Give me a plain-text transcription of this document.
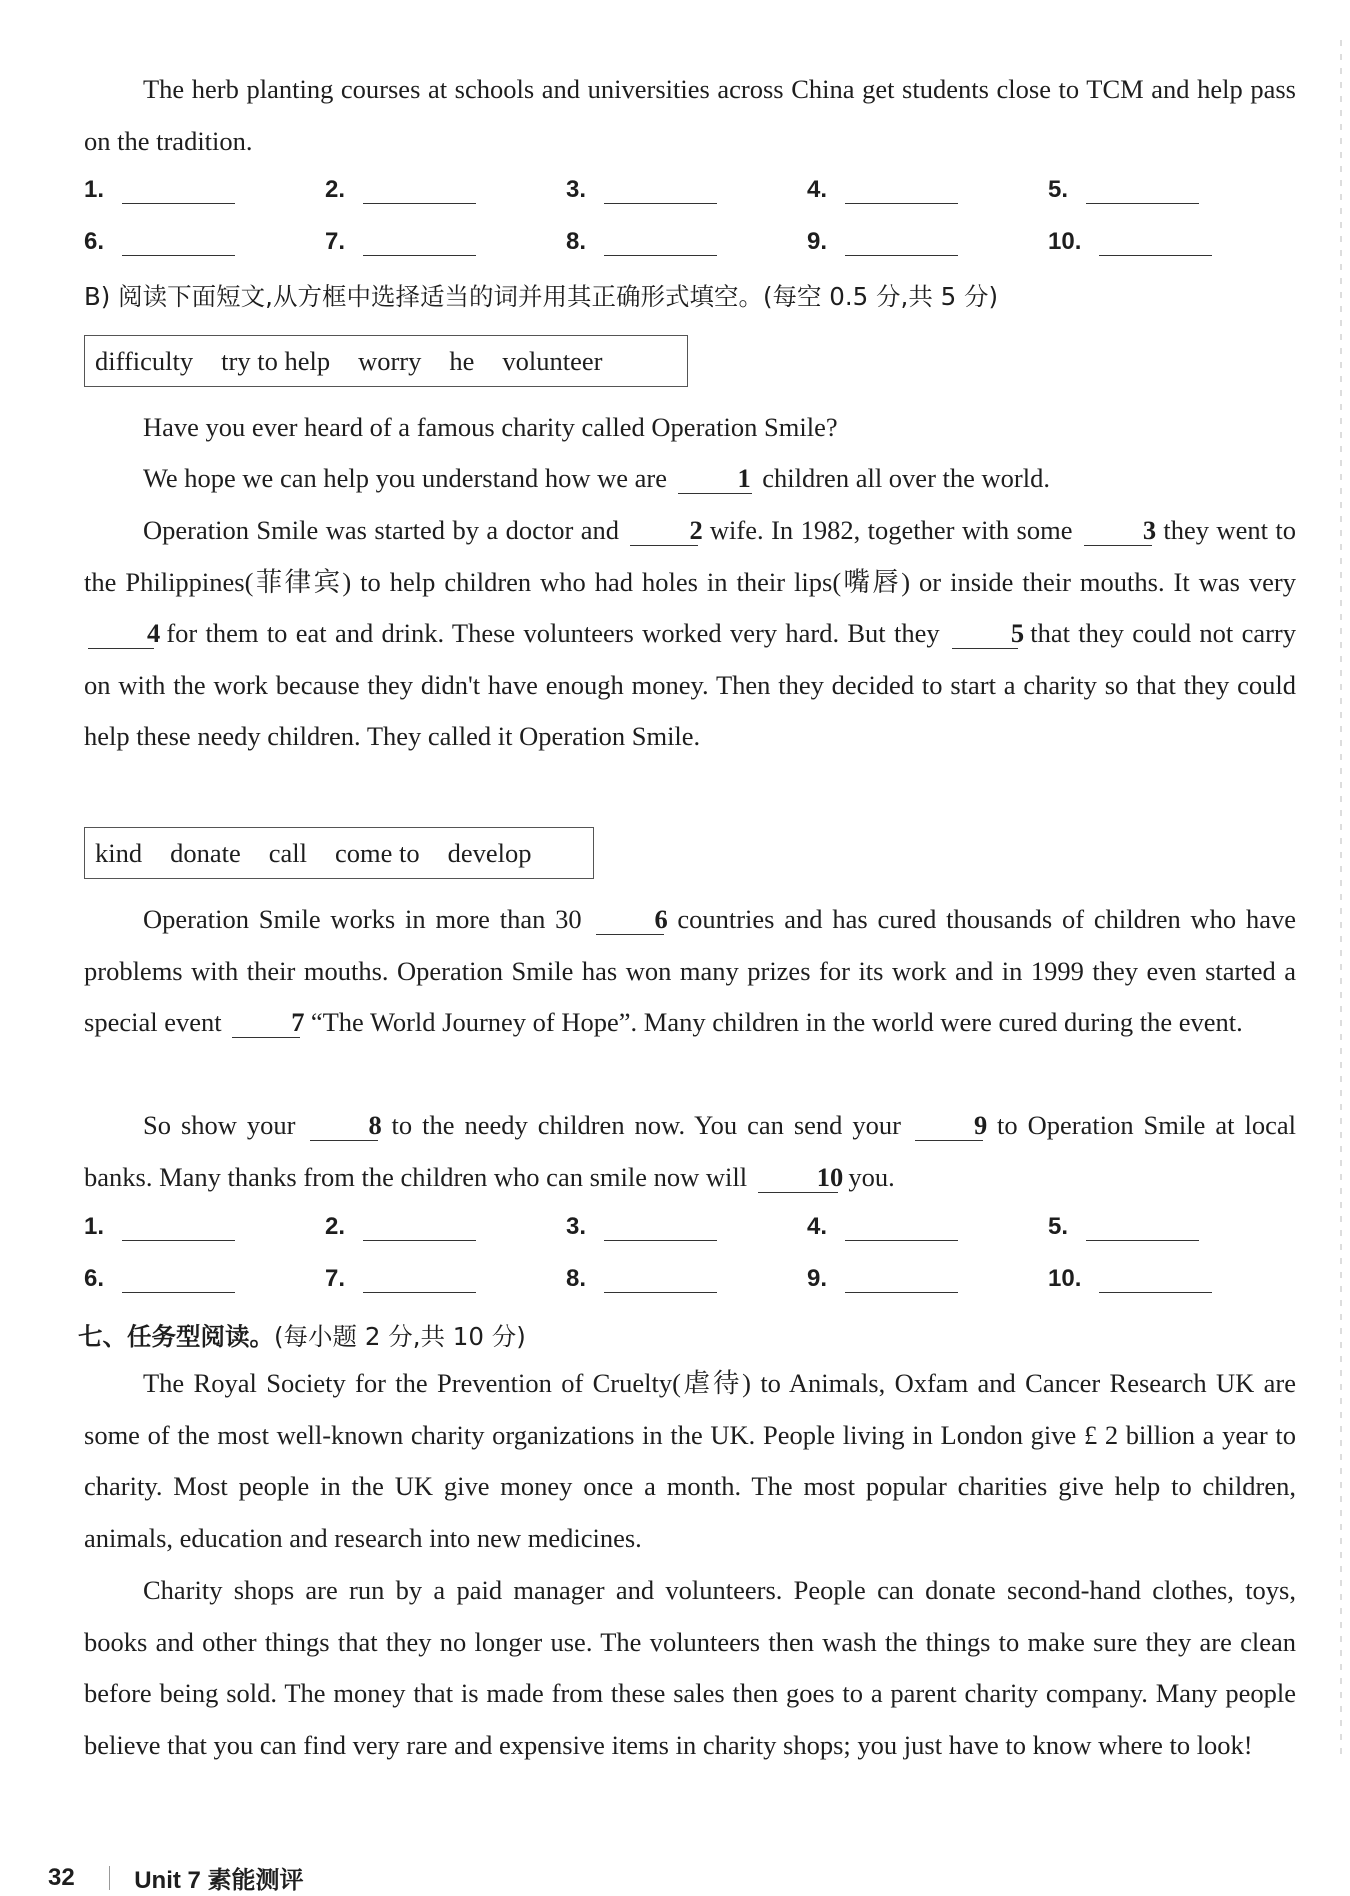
The herb planting courses at schools and universities across China get students close to TCM and help pass on the tradition.

1.	2.	3.	4.	5.
6.	7.	8.	9.	10.
B) 阅读下面短文,从方框中选择适当的词并用其正确形式填空。(每空 0.5 分,共 5 分)
difficulty try to help worry he volunteer

Have you ever heard of a famous charity called Operation Smile?

We hope we can help you understand how we are	1 children all over the world.

Operation Smile was started by a doctor and	2 wife. In 1982, together with some	3 they went to the Philippines(菲律宾) to help children who had holes in their lips(嘴唇) or inside their mouths. It was very 4 for them to eat and drink. These volunteers worked very hard. But they	5 that they could not carry on with the work because they didn't have enough money. Then they decided to start a charity so that they could help these needy children. They called it Operation Smile.

kind donate call come to develop

Operation Smile works in more than 30	6 countries and has cured thousands of children who have problems with their mouths. Operation Smile has won many prizes for its work and in 1999 they even started a special event	7 “The World Journey of Hope”. Many children in the world were cured during the event.

So show your	8 to the needy children now. You can send your	9 to Operation Smile at local banks. Many thanks from the children who can smile now will	10 you.

1.	2.	3.	4.	5.
6.	7.	8.	9.	10.
七、任务型阅读。(每小题 2 分,共 10 分)

The Royal Society for the Prevention of Cruelty(虐待) to Animals, Oxfam and Cancer Research UK are some of the most well-known charity organizations in the UK. People living in London give £ 2 billion a year to charity. Most people in the UK give money once a month. The most popular charities give help to children, animals, education and research into new medicines.

Charity shops are run by a paid manager and volunteers. People can donate second-hand clothes, toys, books and other things that they no longer use. The volunteers then wash the things to make sure they are clean before being sold. The money that is made from these sales then goes to a parent charity company. Many people believe that you can find very rare and expensive items in charity shops; you just have to know where to look!

32 Unit 7 素能测评
